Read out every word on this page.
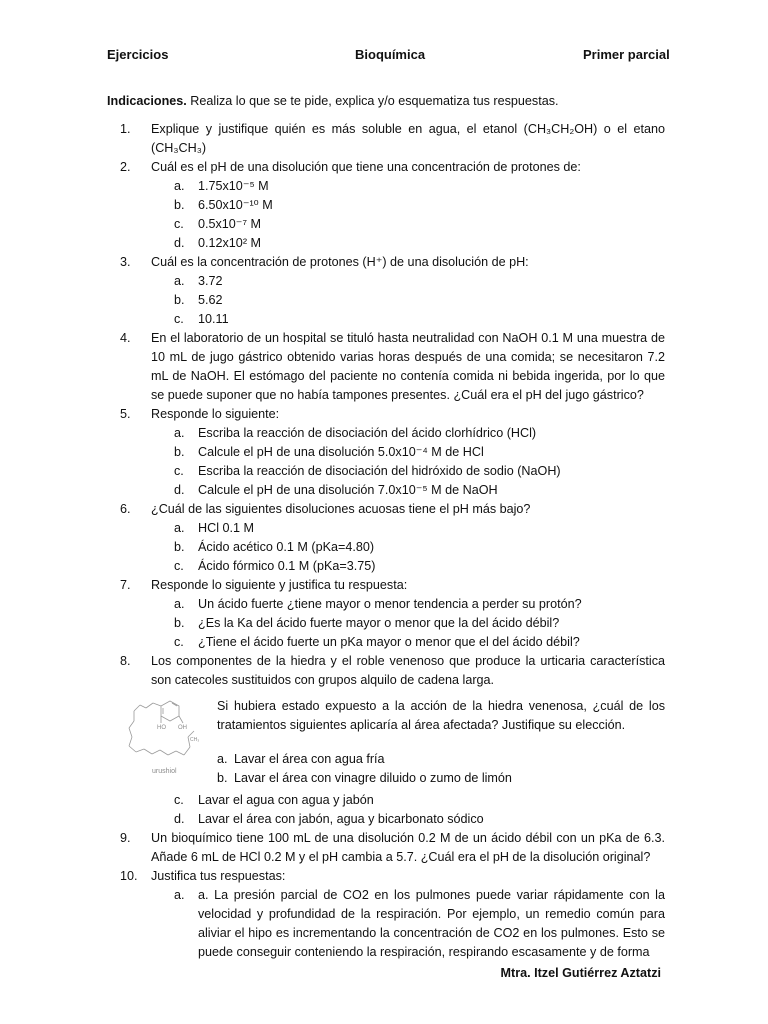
Ejercicios	Bioquímica	Primer parcial
Indicaciones. Realiza lo que se te pide, explica y/o esquematiza tus respuestas.
1.	Explique y justifique quién es más soluble en agua, el etanol (CH₃CH₂OH) o el etano (CH₃CH₃)
2.	Cuál es el pH de una disolución que tiene una concentración de protones de:
a. 1.75x10⁻⁵ M
b. 6.50x10⁻¹⁰ M
c. 0.5x10⁻⁷ M
d. 0.12x10² M
3.	Cuál es la concentración de protones (H⁺) de una disolución de pH:
a. 3.72
b. 5.62
c. 10.11
4.	En el laboratorio de un hospital se tituló hasta neutralidad con NaOH 0.1 M una muestra de 10 mL de jugo gástrico obtenido varias horas después de una comida; se necesitaron 7.2 mL de NaOH. El estómago del paciente no contenía comida ni bebida ingerida, por lo que se puede suponer que no había tampones presentes. ¿Cuál era el pH del jugo gástrico?
5.	Responde lo siguiente:
a. Escriba la reacción de disociación del ácido clorhídrico (HCl)
b. Calcule el pH de una disolución 5.0x10⁻⁴ M de HCl
c. Escriba la reacción de disociación del hidróxido de sodio (NaOH)
d. Calcule el pH de una disolución 7.0x10⁻⁵ M de NaOH
6.	¿Cuál de las siguientes disoluciones acuosas tiene el pH más bajo?
a. HCl 0.1 M
b. Ácido acético 0.1 M (pKa=4.80)
c. Ácido fórmico 0.1 M (pKa=3.75)
7.	Responde lo siguiente y justifica tu respuesta:
a. Un ácido fuerte ¿tiene mayor o menor tendencia a perder su protón?
b. ¿Es la Ka del ácido fuerte mayor o menor que la del ácido débil?
c. ¿Tiene el ácido fuerte un pKa mayor o menor que el del ácido débil?
8.	Los componentes de la hiedra y el roble venenoso que produce la urticaria característica son catecoles sustituidos con grupos alquilo de cadena larga.
HO OH
CH₃
urushiol
Si hubiera estado expuesto a la acción de la hiedra venenosa, ¿cuál de los tratamientos siguientes aplicaría al área afectada? Justifique su elección.
a. Lavar el área con agua fría
b. Lavar el área con vinagre diluido o zumo de limón
c. Lavar el agua con agua y jabón
d. Lavar el área con jabón, agua y bicarbonato sódico
9.	Un bioquímico tiene 100 mL de una disolución 0.2 M de un ácido débil con un pKa de 6.3. Añade 6 mL de HCl 0.2 M y el pH cambia a 5.7. ¿Cuál era el pH de la disolución original?
10.	Justifica tus respuestas:
a. a. La presión parcial de CO2 en los pulmones puede variar rápidamente con la velocidad y profundidad de la respiración. Por ejemplo, un remedio común para aliviar el hipo es incrementando la concentración de CO2 en los pulmones. Esto se puede conseguir conteniendo la respiración, respirando escasamente y de forma
Mtra. Itzel Gutiérrez Aztatzi
